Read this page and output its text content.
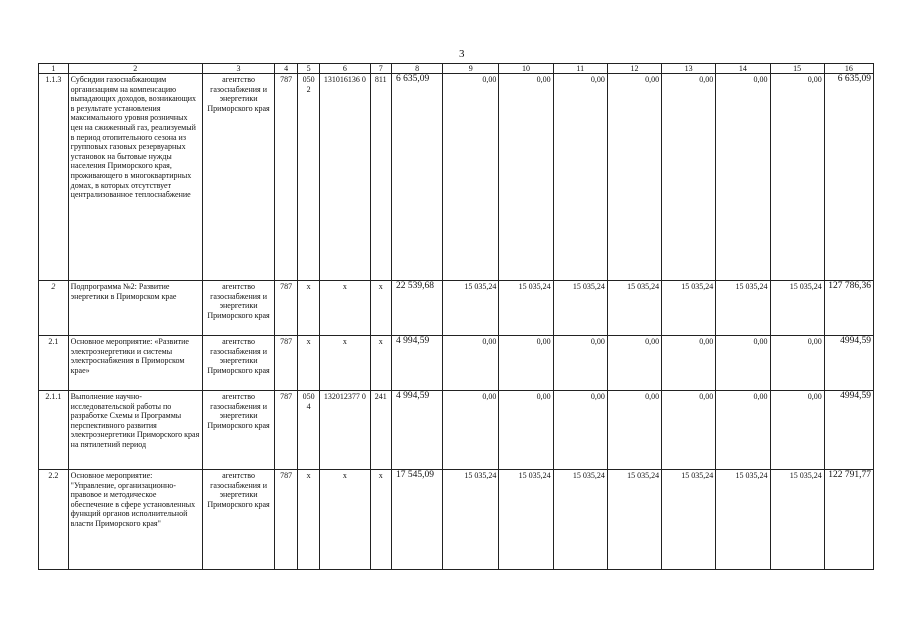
3
1	2	3	4	5	6	7	8	9	10	11	12	13	14	15	16
1.1.3	Субсидии газоснабжающим организациям на компенсацию выпадающих доходов, возникающих в результате установления максимального уровня розничных цен на сжиженный газ, реализуемый в период отопительного сезона из групповых газовых резервуарных установок на бытовые нужды населения Приморского края, проживающего в многоквартирных домах, в которых отсутствует централизованное теплоснабжение	агентство газоснабжения и энергетики Приморского края	787	050 2	131016136 0	811	6 635,09	0,00	0,00	0,00	0,00	0,00	0,00	0,00	6 635,09
2	Подпрограмма №2: Развитие энергетики в Приморском крае	агентство газоснабжения и энергетики Приморского края	787	x	x	x	22 539,68	15 035,24	15 035,24	15 035,24	15 035,24	15 035,24	15 035,24	15 035,24	127 786,36
2.1	Основное мероприятие: «Развитие электроэнергетики и системы электроснабжения в Приморском крае»	агентство газоснабжения и энергетики Приморского края	787	x	x	x	4 994,59	0,00	0,00	0,00	0,00	0,00	0,00	0,00	4994,59
2.1.1	Выполнение научно-исследовательской работы по разработке Схемы и Программы перспективного развития электроэнергетики Приморского края на пятилетний период	агентство газоснабжения и энергетики Приморского края	787	050 4	132012377 0	241	4 994,59	0,00	0,00	0,00	0,00	0,00	0,00	0,00	4994,59
2.2	Основное мероприятие: "Управление, организационно-правовое и методическое обеспечение в сфере установленных функций органов исполнительной власти Приморского края"	агентство газоснабжения и энергетики Приморского края	787	x	x	x	17 545,09	15 035,24	15 035,24	15 035,24	15 035,24	15 035,24	15 035,24	15 035,24	122 791,77
